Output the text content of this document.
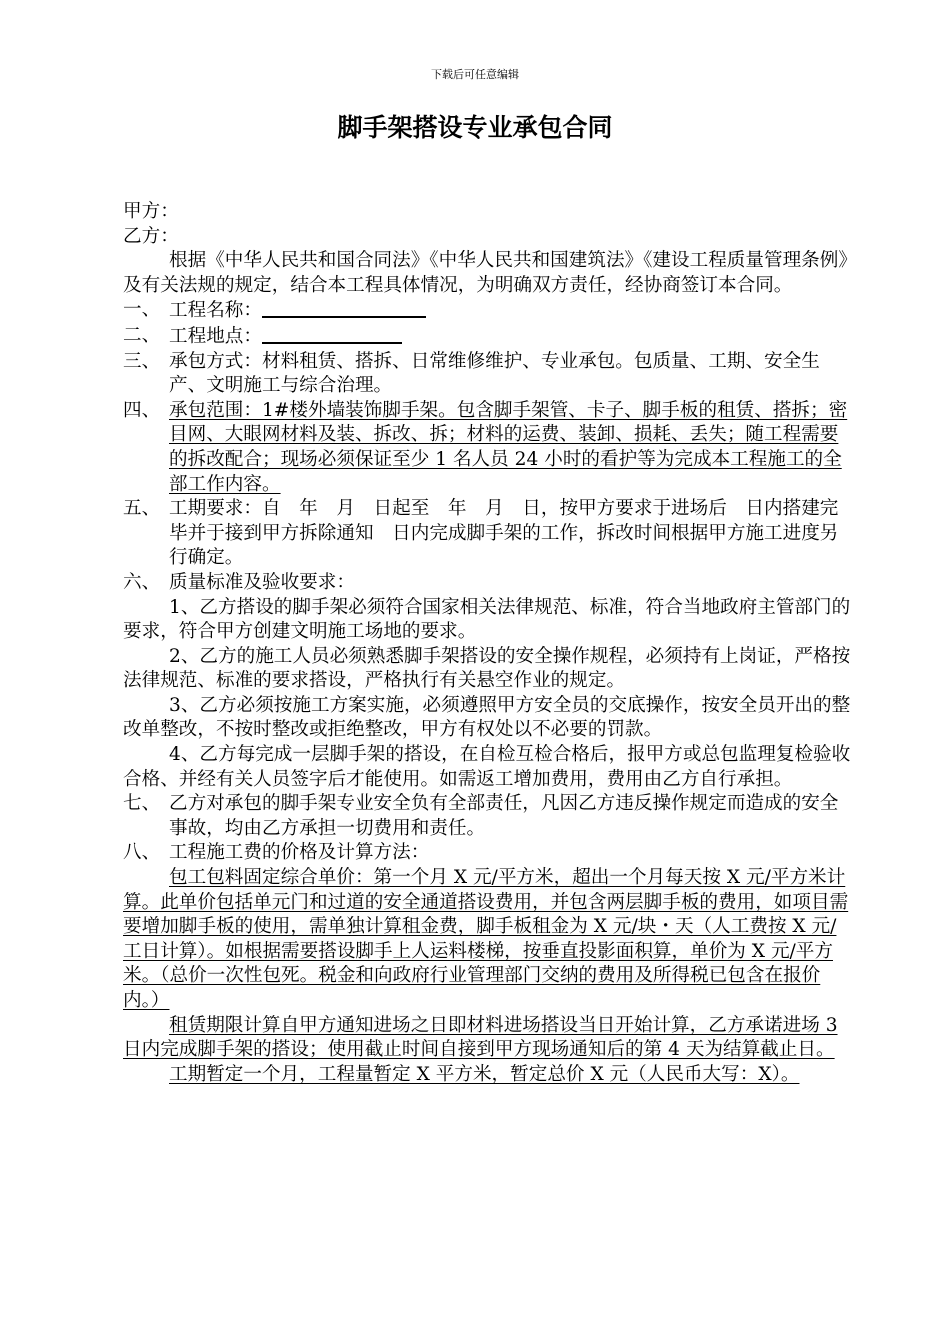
下载后可任意编辑
脚手架搭设专业承包合同

甲方：

乙方：

根据《中华人民共和国合同法》《中华人民共和国建筑法》《建设工程质量管理条例》及有关法规的规定，结合本工程具体情况，为明确双方责任，经协商签订本合同。

一、 工程名称：
二、 工程地点：
三、 承包方式：材料租赁、搭拆、日常维修维护、专业承包。包质量、工期、安全生产、文明施工与综合治理。
四、 承包范围：1#楼外墙装饰脚手架。包含脚手架管、卡子、脚手板的租赁、搭拆；密目网、大眼网材料及装、拆改、拆；材料的运费、装卸、损耗、丢失；随工程需要的拆改配合；现场必须保证至少 1 名人员 24 小时的看护等为完成本工程施工的全部工作内容。
五、 工期要求：自　年　月　日起至　年　月　日，按甲方要求于进场后　日内搭建完毕并于接到甲方拆除通知　日内完成脚手架的工作，拆改时间根据甲方施工进度另行确定。
六、 质量标准及验收要求：

1、乙方搭设的脚手架必须符合国家相关法律规范、标准，符合当地政府主管部门的要求，符合甲方创建文明施工场地的要求。

2、乙方的施工人员必须熟悉脚手架搭设的安全操作规程，必须持有上岗证，严格按法律规范、标准的要求搭设，严格执行有关悬空作业的规定。

3、乙方必须按施工方案实施，必须遵照甲方安全员的交底操作，按安全员开出的整改单整改，不按时整改或拒绝整改，甲方有权处以不必要的罚款。

4、乙方每完成一层脚手架的搭设，在自检互检合格后，报甲方或总包监理复检验收合格、并经有关人员签字后才能使用。如需返工增加费用，费用由乙方自行承担。

七、 乙方对承包的脚手架专业安全负有全部责任，凡因乙方违反操作规定而造成的安全事故，均由乙方承担一切费用和责任。
八、 工程施工费的价格及计算方法：

包工包料固定综合单价：第一个月 X 元/平方米，超出一个月每天按 X 元/平方米计算。此单价包括单元门和过道的安全通道搭设费用，并包含两层脚手板的费用，如项目需要增加脚手板的使用，需单独计算租金费，脚手板租金为 X 元/块・天（人工费按 X 元/工日计算）。如根据需要搭设脚手上人运料楼梯，按垂直投影面积算，单价为 X 元/平方米。（总价一次性包死。税金和向政府行业管理部门交纳的费用及所得税已包含在报价内。）

租赁期限计算自甲方通知进场之日即材料进场搭设当日开始计算，乙方承诺进场 3 日内完成脚手架的搭设；使用截止时间自接到甲方现场通知后的第 4 天为结算截止日。

工期暂定一个月，工程量暂定 X 平方米，暂定总价 X 元（人民币大写：X）。
